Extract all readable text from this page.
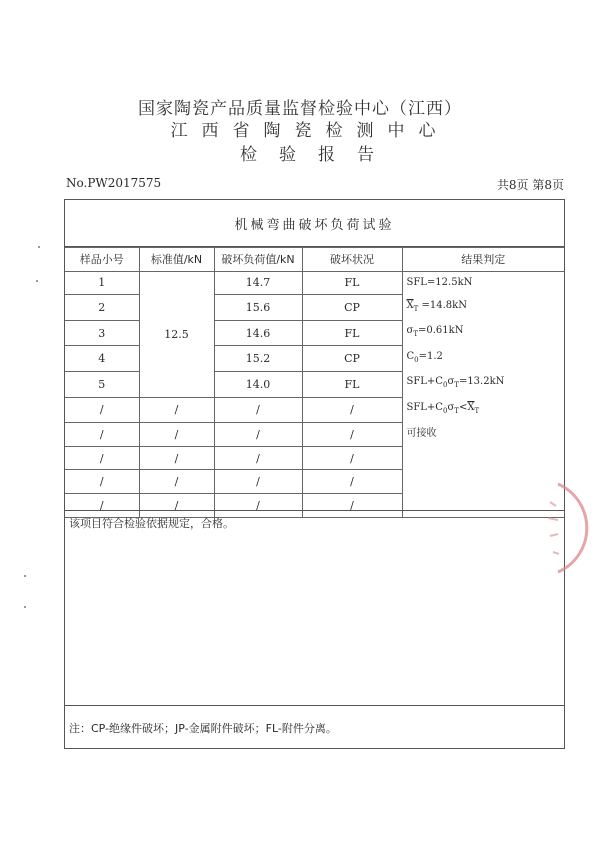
国家陶瓷产品质量监督检验中心（江西）
江西省陶瓷检测中心
检验报告
No.PW2017575	共8页 第8页
机械弯曲破坏负荷试验
样品小号	标准值/kN	破坏负荷值/kN	破坏状况	结果判定
1	12.5	14.7	FL	SFL=12.5kN
2		15.6	CP	$\overline{X}_T =14.8kN$
3		14.6	FL	$\sigma_T=0.61kN$
4		15.2	CP	$C_0=1.2$
5		14.0	FL	$SFL+C_0\sigma_T=13.2kN$
/	/	/	/	$SFL+C_0\sigma_T<\overline{X}_T$
/	/	/	/	可接收
/	/	/	/	
/	/	/	/	
/	/	/	/	
该项目符合检验依据规定，合格。
注：CP-绝缘件破坏；JP-金属附件破坏；FL-附件分离。
